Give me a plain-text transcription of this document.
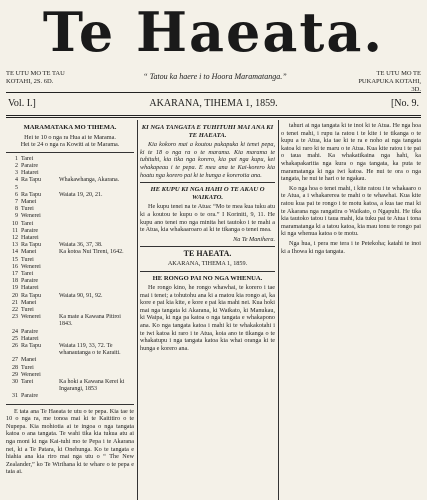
Te Haeata.
TE UTU MO TE TAU KOTAHI, 2S. 6D.
“ Tatou ka haere i to Hoora Maramatanga.”	TE UTU MO TE PUKAPUKA KOTAHI, 3D.
Vol. I.]	AKARANA, TIHEMA 1, 1859.	[No. 9.
MARAMATAKA MO TIHEMA.
Hei te 10 o nga ra Hua ai te Marama.
Hei te 24 o nga ra Kowiti ai te Marama.
1 Tarei
2 Paraire
3 Hatarei
4 Ra Tapu	Whakawhanga, Akarana.
5
6 Ra Tapu	Waiata 19, 20, 21.
7 Manei
8 Turei
9 Wenerei
10 Tarei
11 Paraire
12 Hatarei
13 Ra Tapu	Waiata 36, 37, 38.
14 Manei	Ka kotoa Nui Tireni, 1642.
15 Turei
16 Wenerei
17 Tarei
18 Paraire
19 Hatarei
20 Ra Tapu	Waiata 90, 91, 92.
21 Manei
22 Turei
23 Wenerei	Ka mate a Kawana Pitiroi 1843.
24 Paraire
25 Hatarei
26 Ra Tapu	Waiata 119, 33, 72. Te whanautanga o te Karaiti.
27 Manei
28 Turei
29 Wenerei
30 Tarei	Ka hoki a Kawana Kerei ki Ingarangi, 1853
31 Paraire

E tata ana Te Haeata te utu o te pepa. Kia tae te 10 o nga ra, me tonoa mai ki te Kaititiro o te Nupepa. Kia mohiotia ai te ingoa o nga tangata katoa o ana tangata. Te wahi tika kia tukua atu ai nga moni ki nga Kai-tuhi mo te Pepa i te Akarana nei, ki a Te Patara, ki Onehunga. Ko te tangata e hiahia ana kia riro mai nga utu o “ The New Zealander,” ko Te Wirihana ki te whare o te pepa e taia ai.

KI NGA TANGATA E TUHITUHI MAI ANA KI TE HAEATA.

Kia kokoro mai a koutou pukapuka ki tenei pepa, ki te 18 o nga ra o te marama. Kia marama te tuhituhi, kia tika nga korero, kia pai nga kupu, kei whakapeau i te pepa. E mea ana te Kai-korero kia hoatu nga korero pai ki te hunga e korerotia ana.

HE KUPU KI NGA HAHI O TE AKAU O WAIKATO.

He kupu tenei na te Atua: “Mo te mea kua tuku atu ki a koutou te kupu o te ora.” I Koriniti, 9, 11. He kupu ano tenei mo nga minita hei tautoko i te mahi a te Atua, kia whakaaroaro ai ki te tikanga o tenei mea.

Na Te Manihera.
TE HAEATA.
AKARANA, TIHEMA 1, 1859.
HE RONGO PAI NO NGA WHENUA.

He rongo kino, he rongo whawhai, te korero i tae mai i tenei; a tohutohu ana ki a matou kia rongo ai, ka kore e pai kia kite, e kore e pai kia mahi nei. Kua hoki mai nga tangata ki Akarana, ki Waikato, ki Manukau, ki Waipa, ki nga pa katoa o nga tangata e whakapono ana. Ko nga tangata katoa i mahi ki te whakakotahi i te iwi katoa ki raro i te Atua, koia ano te tikanga o te whakatupu i nga tangata katoa kia whai oranga ki te hunga e korero ana.

tahuri ai nga tangata ki te inoi ki te Atua. He nga hoa o tenei mahi, i rupu ia ratou i te kite i te tikanga o te kupu a te Atua, kia tae ki te ra e noho ai nga tangata katoa ki raro ki te maru o te Atua. Kua kite ratou i te pai o taua mahi. Ka whakatikaina nga hahi, ka whakapakaritia nga kura o nga tangata, ka puta te maramatanga ki nga iwi katoa. He nui te ora o nga tangata, he nui te hari o te ngakau.

Ko nga hoa o tenei mahi, i kite ratou i te whakaaro o te Atua, a i whakarerea te mahi o te whawhai. Kua kite ratou kua pai te rongo i te motu katoa, a kua tae mai ki te Akarana nga rangatira o Waikato, o Ngapuhi. He tika kia tautoko tatou i taua mahi, kia tuku pai te Atua i tona maramatanga ki a tatou katoa, kia mau tonu te rongo pai ki nga whenua katoa o te motu.

Nga hua, i pera me tera i te Petekoha; katahi te inoi ki a Ihowa ki nga tangata.
